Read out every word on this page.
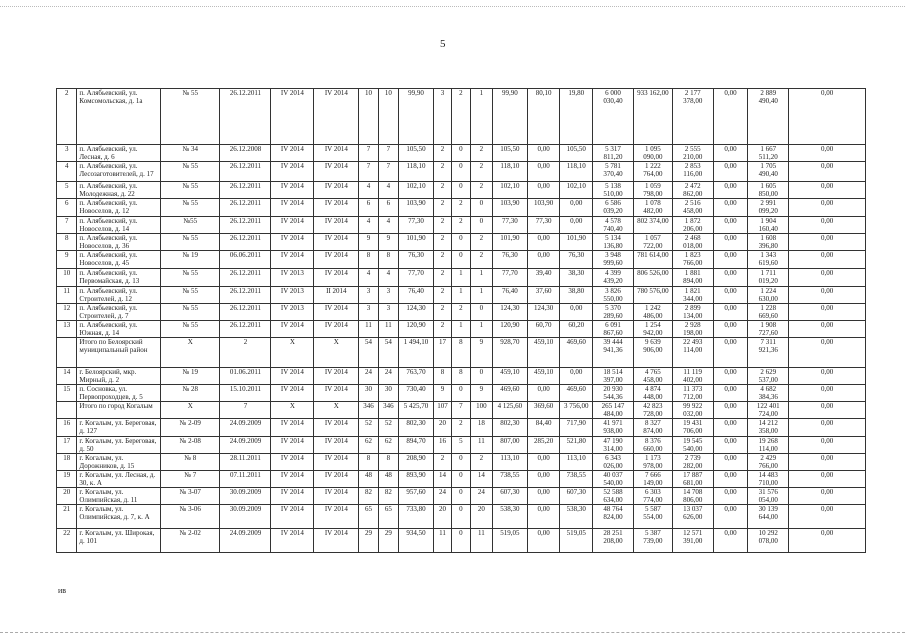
5
2	п. Алябьевский, ул. Комсомольская, д. 1а	№ 55	26.12.2011	IV 2014	IV 2014	10	10	99,90	3	2	1	99,90	80,10	19,80	6 000 030,40	933 162,00	2 177 378,00	0,00	2 889 490,40	0,00
3	п. Алябьевский, ул. Лесная, д. 6	№ 34	26.12.2008	IV 2014	IV 2014	7	7	105,50	2	0	2	105,50	0,00	105,50	5 317 811,20	1 095 090,00	2 555 210,00	0,00	1 667 511,20	0,00
4	п. Алябьевский, ул. Лесозаготовителей, д. 17	№ 55	26.12.2011	IV 2014	IV 2014	7	7	118,10	2	0	2	118,10	0,00	118,10	5 781 370,40	1 222 764,00	2 853 116,00	0,00	1 705 490,40	0,00
5	п. Алябьевский, ул. Молодежная, д. 22	№ 55	26.12.2011	IV 2014	IV 2014	4	4	102,10	2	0	2	102,10	0,00	102,10	5 138 510,00	1 059 798,00	2 472 862,00	0,00	1 605 850,00	0,00
6	п. Алябьевский, ул. Новоселов, д. 12	№ 55	26.12.2011	IV 2014	IV 2014	6	6	103,90	2	2	0	103,90	103,90	0,00	6 586 039,20	1 078 482,00	2 516 458,00	0,00	2 991 099,20	0,00
7	п. Алябьевский, ул. Новоселов, д. 14	№55	26.12.2011	IV 2014	IV 2014	4	4	77,30	2	2	0	77,30	77,30	0,00	4 578 740,40	802 374,00	1 872 206,00	0,00	1 904 160,40	0,00
8	п. Алябьевский, ул. Новоселов, д. 36	№ 55	26.12.2011	IV 2014	IV 2014	9	9	101,90	2	0	2	101,90	0,00	101,90	5 134 136,80	1 057 722,00	2 468 018,00	0,00	1 608 396,80	0,00
9	п. Алябьевский, ул. Новоселов, д. 45	№ 19	06.06.2011	IV 2014	IV 2014	8	8	76,30	2	0	2	76,30	0,00	76,30	3 948 999,60	781 614,00	1 823 766,00	0,00	1 343 619,60	0,00
10	п. Алябьевский, ул. Первомайская, д. 13	№ 55	26.12.2011	IV 2013	IV 2014	4	4	77,70	2	1	1	77,70	39,40	38,30	4 399 439,20	806 526,00	1 881 894,00	0,00	1 711 019,20	0,00
11	п. Алябьевский, ул. Строителей, д. 12	№ 55	26.12.2011	IV 2013	II 2014	3	3	76,40	2	1	1	76,40	37,60	38,80	3 826 550,00	780 576,00	1 821 344,00	0,00	1 224 630,00	0,00
12	п. Алябьевский, ул. Строителей, д. 7	№ 55	26.12.2011	IV 2013	IV 2014	3	3	124,30	2	2	0	124,30	124,30	0,00	5 370 289,60	1 242 486,00	2 899 134,00	0,00	1 228 669,60	0,00
13	п. Алябьевский, ул. Южная, д. 14	№ 55	26.12.2011	IV 2014	IV 2014	11	11	120,90	2	1	1	120,90	60,70	60,20	6 091 867,60	1 254 942,00	2 928 198,00	0,00	1 908 727,60	0,00
	Итого по Белоярский муниципальный район	X	2	X	X	54	54	1 494,10	17	8	9	928,70	459,10	469,60	39 444 941,36	9 639 906,00	22 493 114,00	0,00	7 311 921,36	0,00
14	г. Белоярский, мкр. Мирный, д. 2	№ 19	01.06.2011	IV 2014	IV 2014	24	24	763,70	8	8	0	459,10	459,10	0,00	18 514 397,00	4 765 458,00	11 119 402,00	0,00	2 629 537,00	0,00
15	п. Сосновка, ул. Первопроходцев, д. 5	№ 28	15.10.2011	IV 2014	IV 2014	30	30	730,40	9	0	9	469,60	0,00	469,60	20 930 544,36	4 874 448,00	11 373 712,00	0,00	4 682 384,36	0,00
	Итого по город Когалым	X	7	X	X	346	346	5 425,70	107	7	100	4 125,60	369,60	3 756,00	265 147 484,00	42 823 728,00	99 922 032,00	0,00	122 401 724,00	0,00
16	г. Когалым, ул. Береговая, д. 127	№ 2-09	24.09.2009	IV 2014	IV 2014	52	52	802,30	20	2	18	802,30	84,40	717,90	41 971 938,00	8 327 874,00	19 431 706,00	0,00	14 212 358,00	0,00
17	г. Когалым, ул. Береговая, д. 50	№ 2-08	24.09.2009	IV 2014	IV 2014	62	62	894,70	16	5	11	807,00	285,20	521,80	47 190 314,00	8 376 660,00	19 545 540,00	0,00	19 268 114,00	0,00
18	г. Когалым, ул. Дорожников, д. 15	№ 8	28.11.2011	IV 2014	IV 2014	8	8	208,90	2	0	2	113,10	0,00	113,10	6 343 026,00	1 173 978,00	2 739 282,00	0,00	2 429 766,00	0,00
19	г. Когалым, ул. Лесная, д. 30, к. А	№ 7	07.11.2011	IV 2014	IV 2014	48	48	893,90	14	0	14	738,55	0,00	738,55	40 037 540,00	7 666 149,00	17 887 681,00	0,00	14 483 710,00	0,00
20	г. Когалым, ул. Олимпийская, д. 11	№ 3-07	30.09.2009	IV 2014	IV 2014	82	82	957,60	24	0	24	607,30	0,00	607,30	52 588 634,00	6 303 774,00	14 708 806,00	0,00	31 576 054,00	0,00
21	г. Когалым, ул. Олимпийская, д. 7, к. А	№ 3-06	30.09.2009	IV 2014	IV 2014	65	65	733,80	20	0	20	538,30	0,00	538,30	48 764 824,00	5 587 554,00	13 037 626,00	0,00	30 139 644,00	0,00
22	г. Когалым, ул. Широкая, д. 101	№ 2-02	24.09.2009	IV 2014	IV 2014	29	29	934,50	11	0	11	519,05	0,00	519,05	28 251 208,00	5 387 739,00	12 571 391,00	0,00	10 292 078,00	0,00
ив
